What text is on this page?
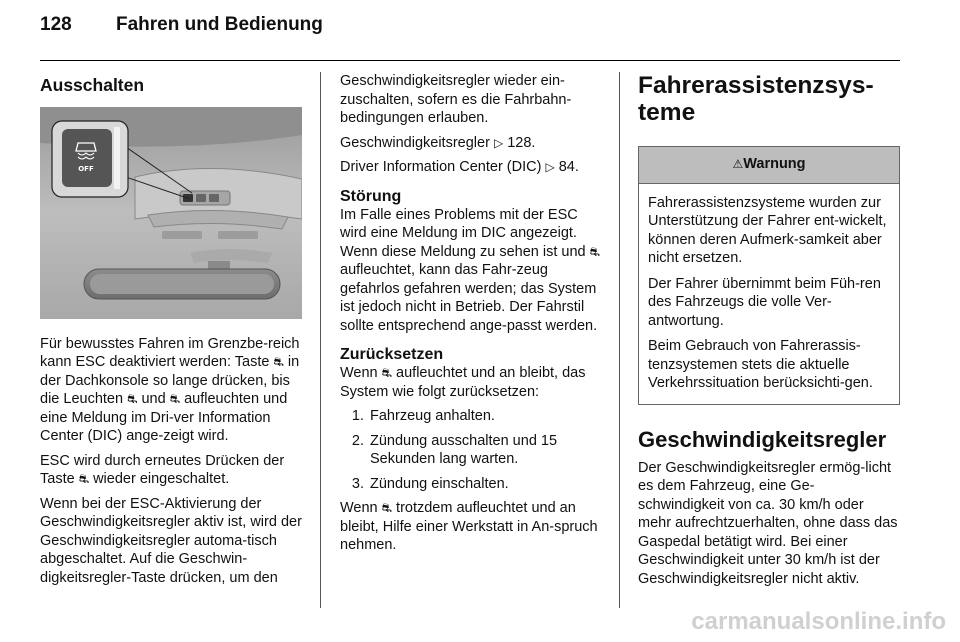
128 Fahren und Bedienung
Ausschalten
OFF

Für bewusstes Fahren im Grenzbe-reich kann ESC deaktiviert werden: Taste ⛐ in der Dachkonsole so lange drücken, bis die Leuchten ⛐ und ⛐ aufleuchten und eine Meldung im Dri-ver Information Center (DIC) ange-zeigt wird.

ESC wird durch erneutes Drücken der Taste ⛐ wieder eingeschaltet.

Wenn bei der ESC-Aktivierung der Geschwindigkeitsregler aktiv ist, wird der Geschwindigkeitsregler automa-tisch abgeschaltet. Auf die Geschwin-digkeitsregler-Taste drücken, um den

Geschwindigkeitsregler wieder ein-zuschalten, sofern es die Fahrbahn-bedingungen erlauben.

Geschwindigkeitsregler ▷ 128.

Driver Information Center (DIC) ▷ 84.

Störung

Im Falle eines Problems mit der ESC wird eine Meldung im DIC angezeigt. Wenn diese Meldung zu sehen ist und ⛐ aufleuchtet, kann das Fahr-zeug gefahrlos gefahren werden; das System ist jedoch nicht in Betrieb. Der Fahrstil sollte entsprechend ange-passt werden.

Zurücksetzen

Wenn ⛐ aufleuchtet und an bleibt, das System wie folgt zurücksetzen:

1. Fahrzeug anhalten.
2. Zündung ausschalten und 15 Sekunden lang warten.
3. Zündung einschalten.

Wenn ⛐ trotzdem aufleuchtet und an bleibt, Hilfe einer Werkstatt in An-spruch nehmen.

Fahrerassistenzsys-teme
⚠Warnung

Fahrerassistenzsysteme wurden zur Unterstützung der Fahrer ent-wickelt, können deren Aufmerk-samkeit aber nicht ersetzen.

Der Fahrer übernimmt beim Füh-ren des Fahrzeugs die volle Ver-antwortung.

Beim Gebrauch von Fahrerassis-tenzsystemen stets die aktuelle Verkehrssituation berücksichti-gen.

Geschwindigkeitsregler

Der Geschwindigkeitsregler ermög-licht es dem Fahrzeug, eine Ge-schwindigkeit von ca. 30 km/h oder mehr aufrechtzuerhalten, ohne dass das Gaspedal betätigt wird. Bei einer Geschwindigkeit unter 30 km/h ist der Geschwindigkeitsregler nicht aktiv.

carmanualsonline.info
